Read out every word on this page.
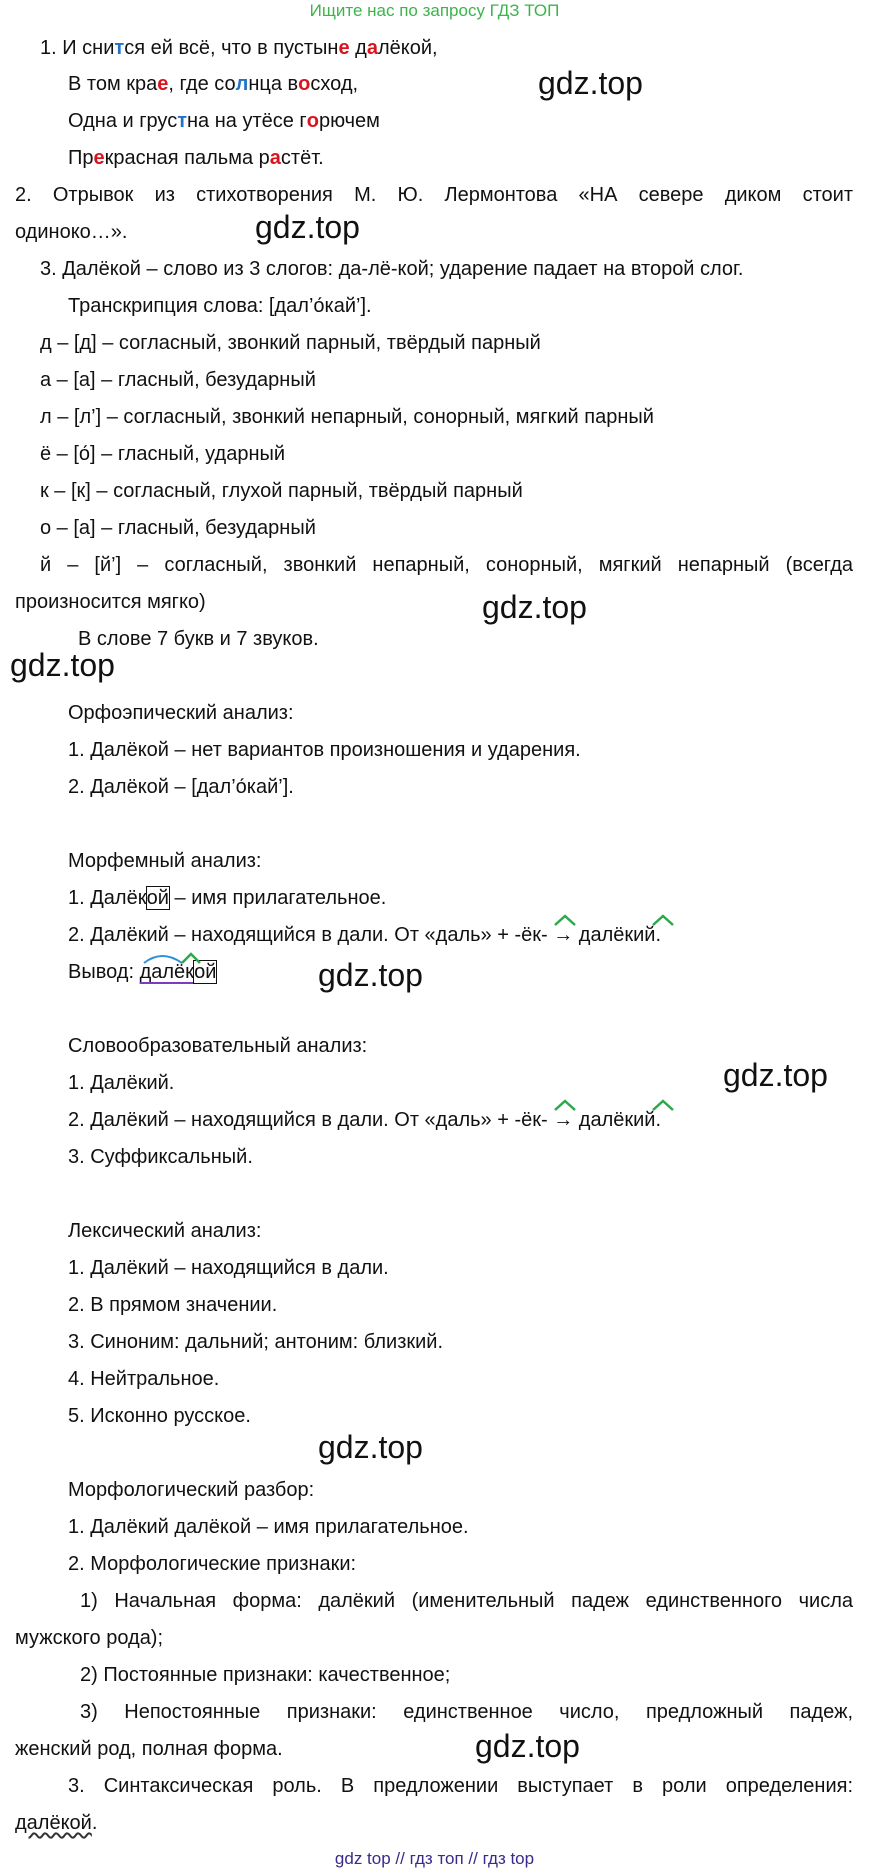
Ищите нас по запросу ГДЗ ТОП
1. И снится ей всё, что в пустыне далёкой,
В том крае, где солнца восход,
Одна и грустна на утёсе горючем
Прекрасная пальма растёт.
gdz.top
2. Отрывок из стихотворения М. Ю. Лермонтова «НА севере диком стоит
одиноко…».	gdz.top
3. Далёкой – слово из 3 слогов: да-лё-кой; ударение падает на второй слог.
Транскрипция слова: [дал’о́кай’].
д – [д] – согласный, звонкий парный, твёрдый парный
а – [а] – гласный, безударный
л – [л’] – согласный, звонкий непарный, сонорный, мягкий парный
ё – [о́] – гласный, ударный
к – [к] – согласный, глухой парный, твёрдый парный
о – [а] – гласный, безударный
й – [й’] – согласный, звонкий непарный, сонорный, мягкий непарный (всегда
произносится мягко)	gdz.top
В слове 7 букв и 7 звуков.
gdz.top
Орфоэпический анализ:
1. Далёкой – нет вариантов произношения и ударения.
2. Далёкой – [дал’о́кай’].
Морфемный анализ:
1. Далёкой – имя прилагательное.
2. Далёкий – находящийся в дали. От «даль» + -ёк- → далёкий.
Вывод: далёкой	gdz.top
Словообразовательный анализ:
1. Далёкий.
2. Далёкий – находящийся в дали. От «даль» + -ёк- → далёкий.
3. Суффиксальный.
gdz.top
Лексический анализ:
1. Далёкий – находящийся в дали.
2. В прямом значении.
3. Синоним: дальний; антоним: близкий.
4. Нейтральное.
5. Исконно русское.
gdz.top
Морфологический разбор:
1. Далёкий далёкой – имя прилагательное.
2. Морфологические признаки:
1) Начальная форма: далёкий (именительный падеж единственного числа
мужского рода);
2) Постоянные признаки: качественное;
3) Непостоянные признаки: единственное число, предложный падеж,
женский род, полная форма.	gdz.top
3. Синтаксическая роль. В предложении выступает в роли определения:
далёкой.
gdz top // гдз топ // гдз top
